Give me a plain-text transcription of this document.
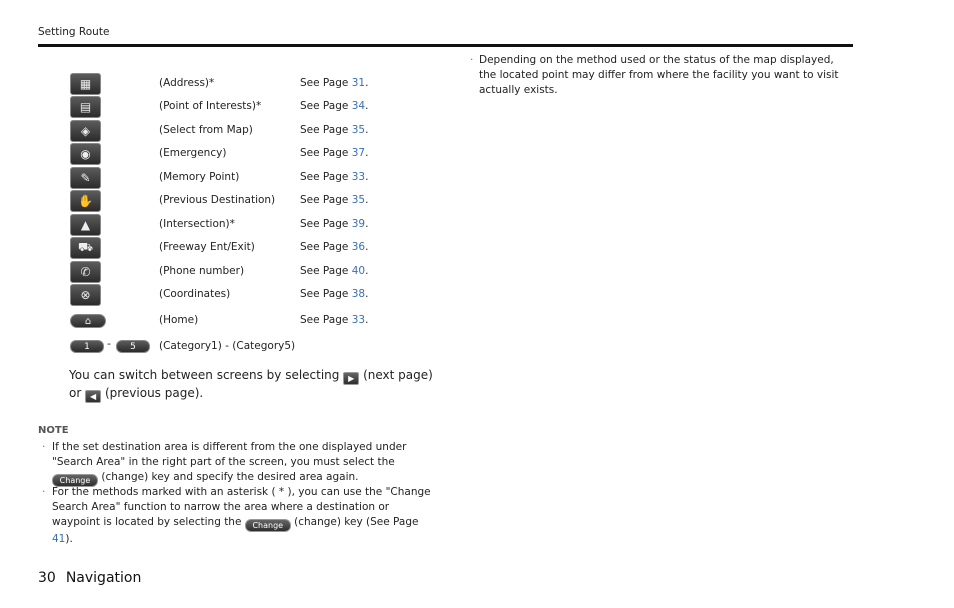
Setting Route
▦	(Address)*	See Page 31.
▤	(Point of Interests)*	See Page 34.
◈	(Select from Map)	See Page 35.
◉	(Emergency)	See Page 37.
✎	(Memory Point)	See Page 33.
✋	(Previous Destination) See Page 35.
▲	(Intersection)*	See Page 39.
⛟	(Freeway Ent/Exit)	See Page 36.
✆	(Phone number)	See Page 40.
⊗	(Coordinates)	See Page 38.
⌂	(Home)	See Page 33.
1	-	5	(Category1) - (Category5)
You can switch between screens by selecting ▶ (next page)
or ◀ (previous page).
NOTE
· If the set destination area is different from the one displayed under "Search Area" in the right part of the screen, you must select the Change (change) key and specify the desired area again.
· For the methods marked with an asterisk ( * ), you can use the "Change Search Area" function to narrow the area where a destination or waypoint is located by selecting the Change (change) key (See Page 41).
· Depending on the method used or the status of the map displayed, the located point may differ from where the facility you want to visit actually exists.
30 Navigation
